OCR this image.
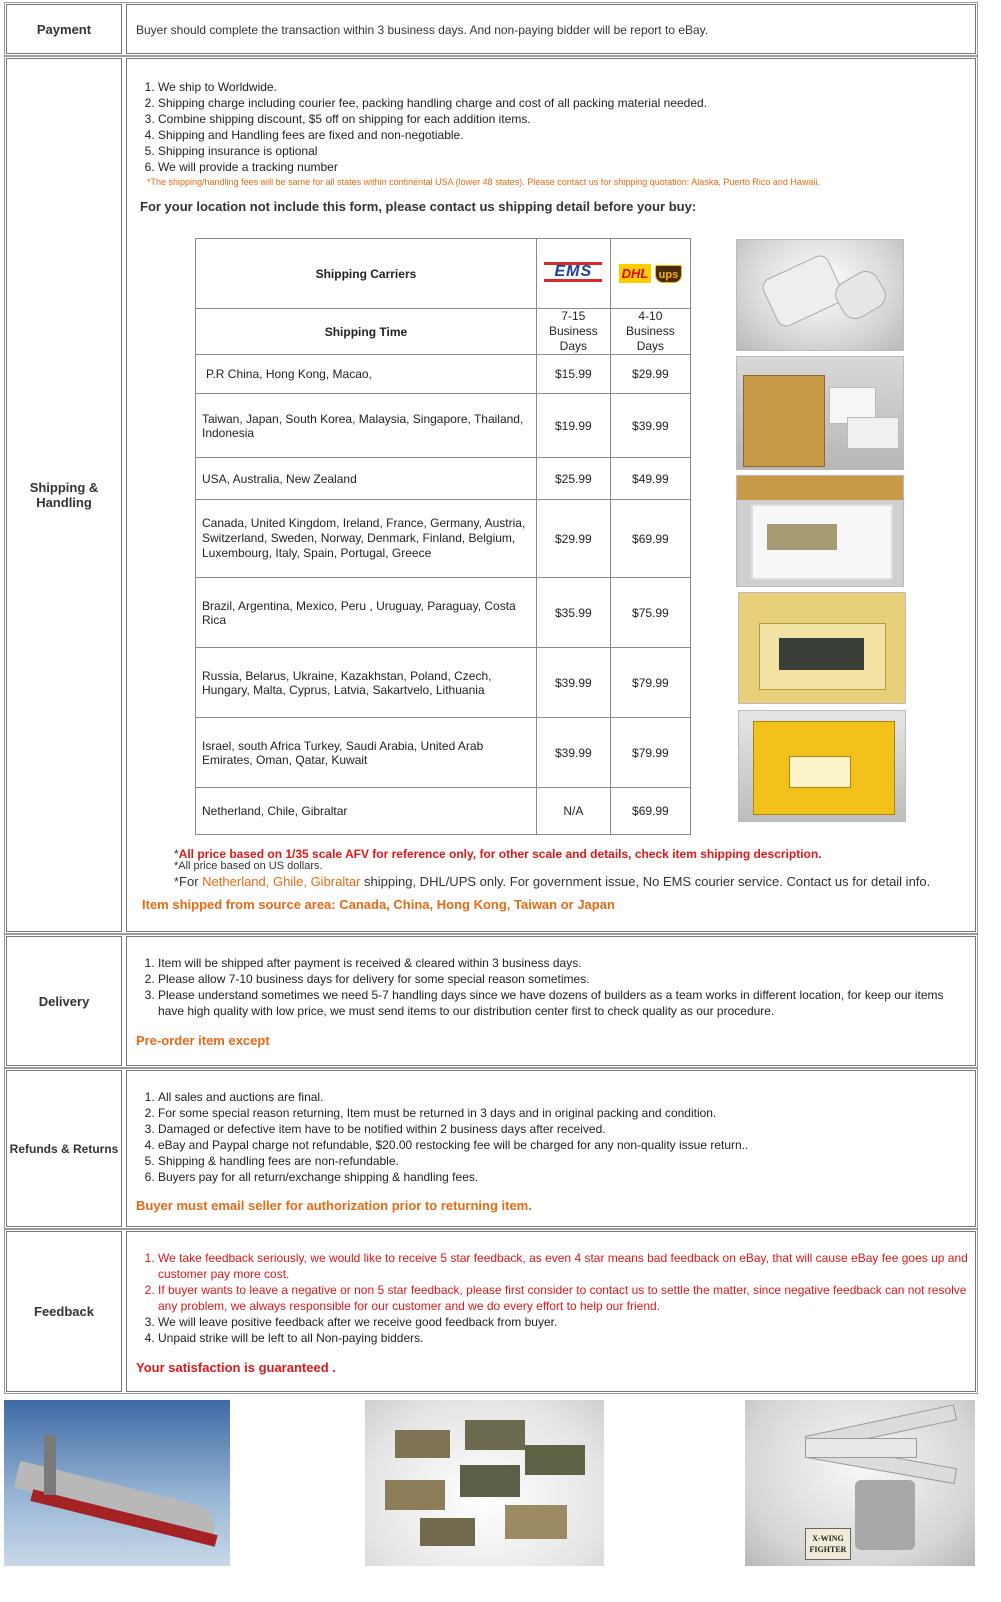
Payment	Buyer should complete the transaction within 3 business days. And non-paying bidder will be report to eBay.
Shipping & Handling
1. We ship to Worldwide.
2. Shipping charge including courier fee, packing handling charge and cost of all packing material needed.
3. Combine shipping discount, $5 off on shipping for each addition items.
4. Shipping and Handling fees are fixed and non-negotiable.
5. Shipping insurance is optional
6. We will provide a tracking number
*The shipping/handling fees will be same for all states within continental USA (lower 48 states). Please contact us for shipping quotation: Alaska, Puerto Rico and Hawaii.
For your location not include this form, please contact us shipping detail before your buy:
Shipping Carriers	EMS	DHL ups
Shipping Time	7-15 Business Days	4-10 Business Days
P.R China, Hong Kong, Macao,	$15.99	$29.99
Taiwan, Japan, South Korea, Malaysia, Singapore, Thailand, Indonesia	$19.99	$39.99
USA, Australia, New Zealand	$25.99	$49.99
Canada, United Kingdom, Ireland, France, Germany, Austria, Switzerland, Sweden, Norway, Denmark, Finland, Belgium, Luxembourg, Italy, Spain, Portugal, Greece	$29.99	$69.99
Brazil, Argentina, Mexico, Peru , Uruguay, Paraguay, Costa Rica	$35.99	$75.99
Russia, Belarus, Ukraine, Kazakhstan, Poland, Czech, Hungary, Malta, Cyprus, Latvia, Sakartvelo, Lithuania	$39.99	$79.99
Israel, south Africa Turkey, Saudi Arabia, United Arab Emirates, Oman, Qatar, Kuwait	$39.99	$79.99
Netherland, Chile, Gibraltar	N/A	$69.99
*All price based on 1/35 scale AFV for reference only, for other scale and details, check item shipping description.
*All price based on US dollars.
*For Netherland, Ghile, Gibraltar shipping, DHL/UPS only. For government issue, No EMS courier service. Contact us for detail info.
Item shipped from source area: Canada, China, Hong Kong, Taiwan or Japan
Delivery
1. Item will be shipped after payment is received & cleared within 3 business days.
2. Please allow 7-10 business days for delivery for some special reason sometimes.
3. Please understand sometimes we need 5-7 handling days since we have dozens of builders as a team works in different location, for keep our items have high quality with low price, we must send items to our distribution center first to check quality as our procedure.
Pre-order item except
Refunds & Returns
1. All sales and auctions are final.
2. For some special reason returning, Item must be returned in 3 days and in original packing and condition.
3. Damaged or defective item have to be notified within 2 business days after received.
4. eBay and Paypal charge not refundable, $20.00 restocking fee will be charged for any non-quality issue return..
5. Shipping & handling fees are non-refundable.
6. Buyers pay for all return/exchange shipping & handling fees.
Buyer must email seller for authorization prior to returning item.
Feedback
1. We take feedback seriously, we would like to receive 5 star feedback, as even 4 star means bad feedback on eBay, that will cause eBay fee goes up and customer pay more cost.
2. If buyer wants to leave a negative or non 5 star feedback, please first consider to contact us to settle the matter, since negative feedback can not resolve any problem, we always responsible for our customer and we do every effort to help our friend.
3. We will leave positive feedback after we receive good feedback from buyer.
4. Unpaid strike will be left to all Non-paying bidders.
Your satisfaction is guaranteed .
X-WING
FIGHTER
